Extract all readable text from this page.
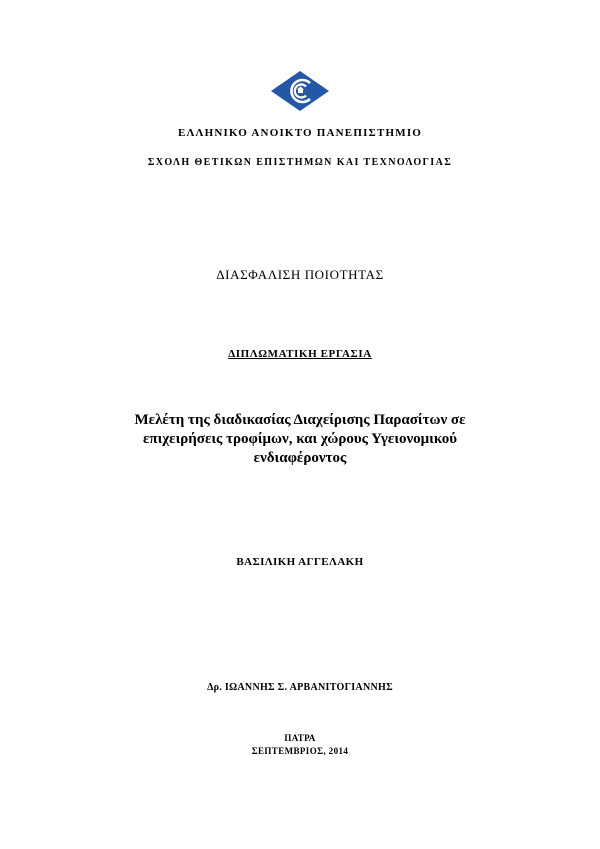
ΕΛΛΗΝΙΚΟ ΑΝΟΙΚΤΟ ΠΑΝΕΠΙΣΤΗΜΙΟ
ΣΧΟΛΗ ΘΕΤΙΚΩΝ ΕΠΙΣΤΗΜΩΝ ΚΑΙ ΤΕΧΝΟΛΟΓΙΑΣ
ΔΙΑΣΦΑΛΙΣΗ ΠΟΙΟΤΗΤΑΣ
ΔΙΠΛΩΜΑΤΙΚΗ ΕΡΓΑΣΙΑ
Μελέτη της διαδικασίας Διαχείρισης Παρασίτων σε
επιχειρήσεις τροφίμων, και χώρους Υγειονομικού
ενδιαφέροντος
ΒΑΣΙΛΙΚΗ ΑΓΓΕΛΑΚΗ
Δρ. ΙΩΑΝΝΗΣ Σ. ΑΡΒΑΝΙΤΟΓΙΑΝΝΗΣ
ΠΑΤΡΑ
ΣΕΠΤΕΜΒΡΙΟΣ, 2014
